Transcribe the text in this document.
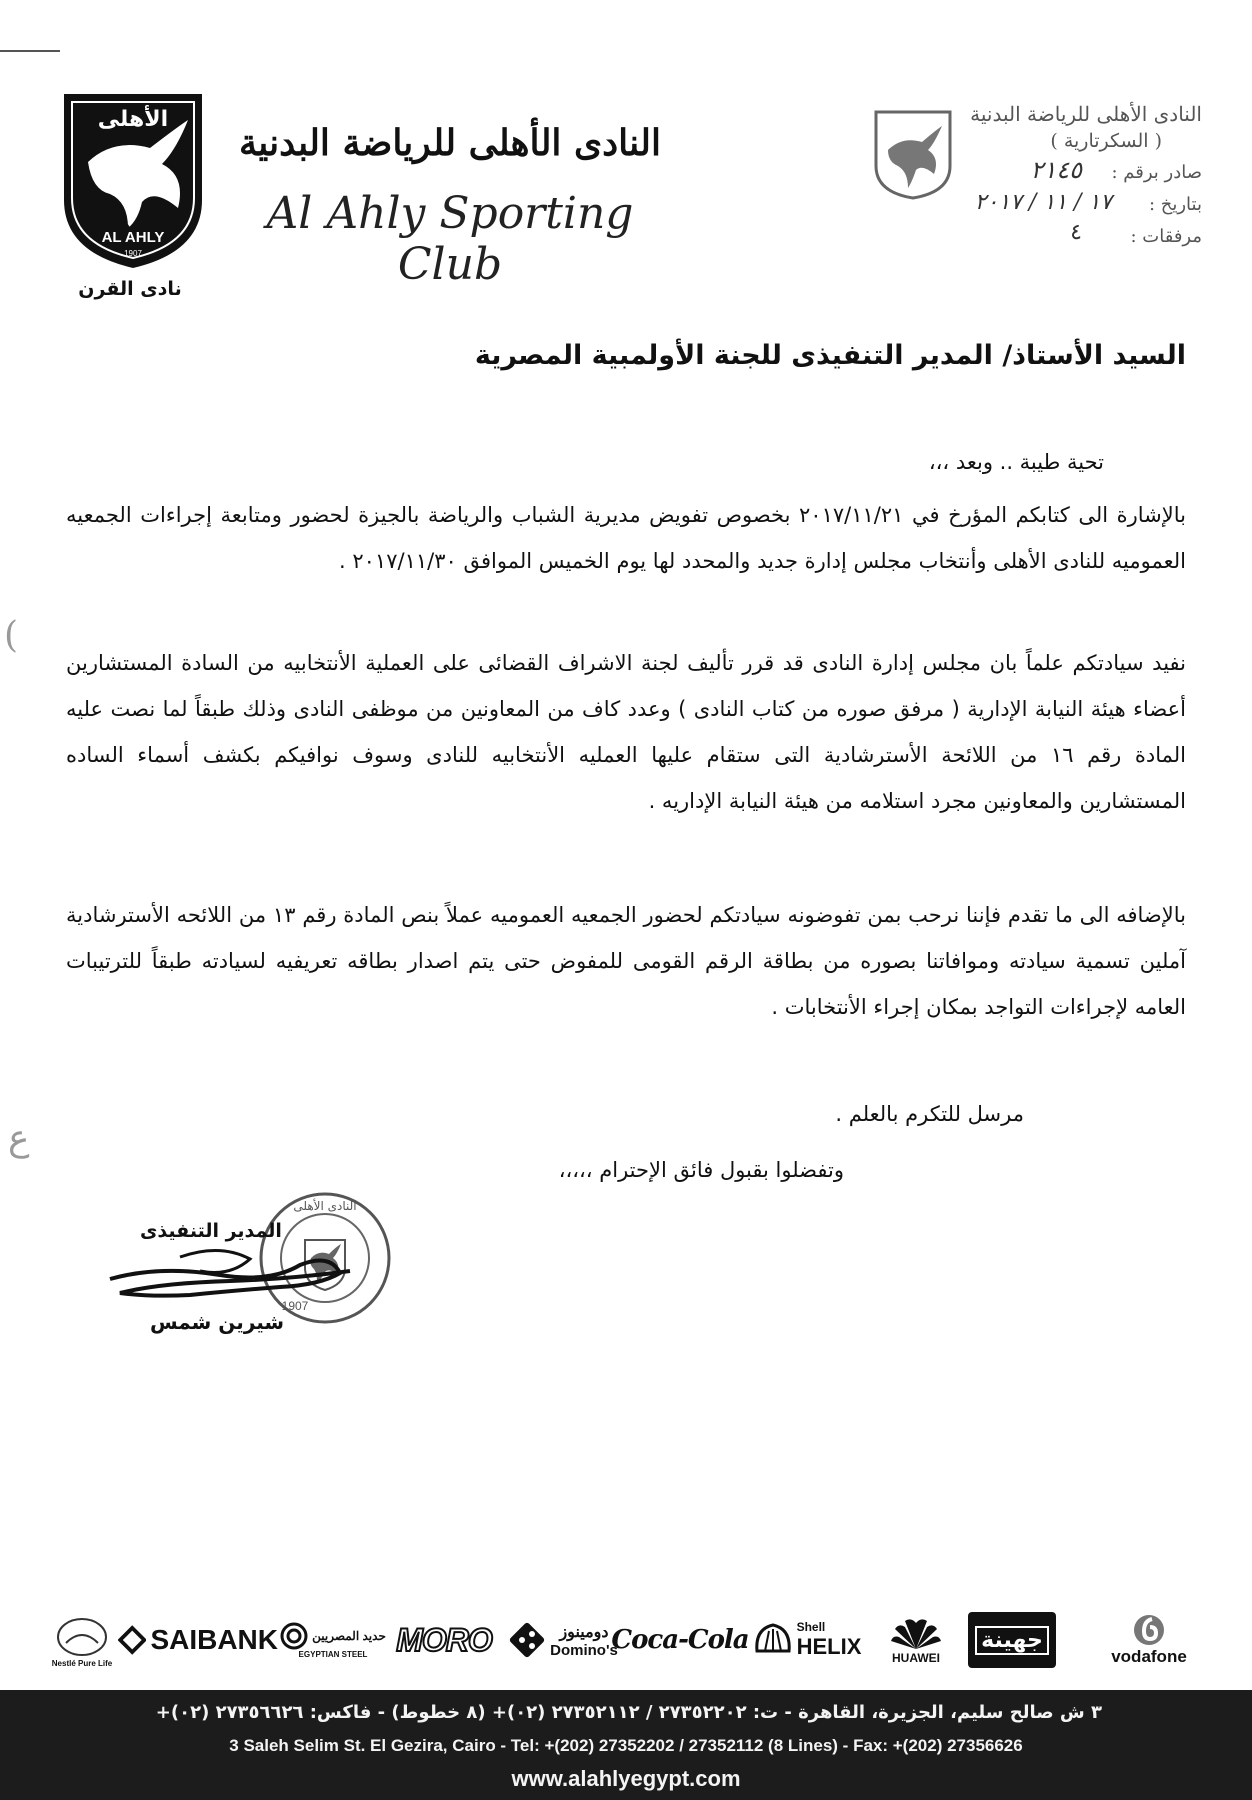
الأهلى
AL AHLY
1907
نادى القرن
النادى الأهلى للرياضة البدنية
Al Ahly Sporting Club
النادى الأهلى للرياضة البدنية
( السكرتارية )
صادر برقم :
٢١٤٥
بتاريخ :
١٧ / ١١ / ٢٠١٧
مرفقات :
٤
السيد الأستاذ/ المدير التنفيذى للجنة الأولمبية المصرية
تحية طيبة .. وبعد ،،،
بالإشارة الى كتابكم المؤرخ في ٢٠١٧/١١/٢١ بخصوص تفويض مديرية الشباب والرياضة بالجيزة لحضور ومتابعة إجراءات الجمعيه العموميه للنادى الأهلى وأنتخاب مجلس إدارة جديد والمحدد لها يوم الخميس الموافق ٢٠١٧/١١/٣٠ .
نفيد سيادتكم علماً بان مجلس إدارة النادى قد قرر تأليف لجنة الاشراف القضائى على العملية الأنتخابيه من السادة المستشارين أعضاء هيئة النيابة الإدارية ( مرفق صوره من كتاب النادى ) وعدد كاف من المعاونين من موظفى النادى وذلك طبقاً لما نصت عليه المادة رقم ١٦ من اللائحة الأسترشادية التى ستقام عليها العمليه الأنتخابيه للنادى وسوف نوافيكم بكشف أسماء الساده المستشارين والمعاونين مجرد استلامه من هيئة النيابة الإداريه .
بالإضافه الى ما تقدم فإننا نرحب بمن تفوضونه سيادتكم لحضور الجمعيه العموميه عملاً بنص المادة رقم ١٣ من اللائحه الأسترشادية آملين تسمية سيادته وموافاتنا بصوره من بطاقة الرقم القومى للمفوض حتى يتم اصدار بطاقه تعريفيه لسيادته طبقاً للترتيبات العامه لإجراءات التواجد بمكان إجراء الأنتخابات .
مرسل للتكرم بالعلم .
وتفضلوا بقبول فائق الإحترام ،،،،،
(
ع
النادى الأهلى
1907
المدير التنفيذى
شيرين شمس
Nestlé Pure Life
SAIBANK	حديد المصريين
EGYPTIAN STEEL MORO	دومينوز
Domino's
Coca-Cola	Shell
HELIX	HUAWEI
جهينة
vodafone
٣ ش صالح سليم، الجزيرة، القاهرة - ت: ٢٧٣٥٢٢٠٢ / ٢٧٣٥٢١١٢ (٠٢)+ (٨ خطوط) - فاكس: ٢٧٣٥٦٦٢٦ (٠٢)+
3 Saleh Selim St. El Gezira, Cairo - Tel: +(202) 27352202 / 27352112 (8 Lines) - Fax: +(202) 27356626
www.alahlyegypt.com
